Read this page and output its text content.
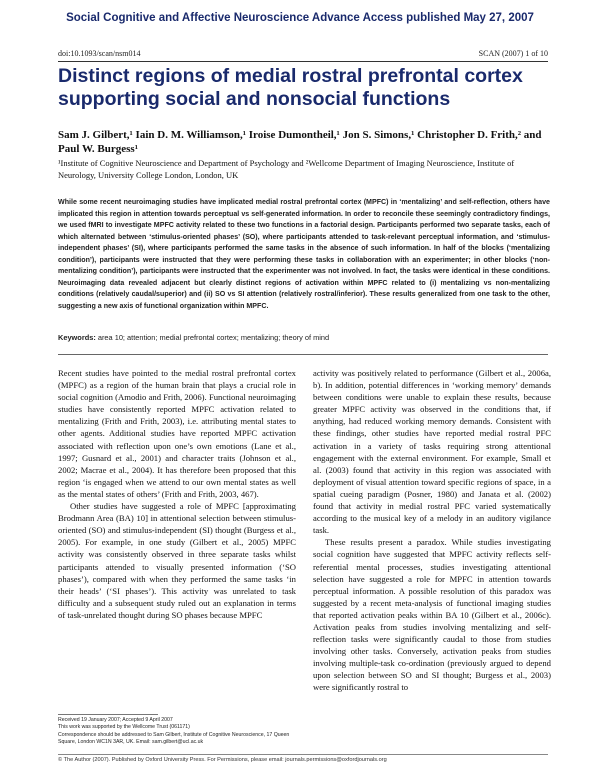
Social Cognitive and Affective Neuroscience Advance Access published May 27, 2007
doi:10.1093/scan/nsm014	SCAN (2007) 1 of 10
Distinct regions of medial rostral prefrontal cortex supporting social and nonsocial functions
Sam J. Gilbert,¹ Iain D. M. Williamson,¹ Iroise Dumontheil,¹ Jon S. Simons,¹ Christopher D. Frith,² and Paul W. Burgess¹
¹Institute of Cognitive Neuroscience and Department of Psychology and ²Wellcome Department of Imaging Neuroscience, Institute of Neurology, University College London, London, UK
While some recent neuroimaging studies have implicated medial rostral prefrontal cortex (MPFC) in ‘mentalizing’ and self-reflection, others have implicated this region in attention towards perceptual vs self-generated information. In order to reconcile these seemingly contradictory findings, we used fMRI to investigate MPFC activity related to these two functions in a factorial design. Participants performed two separate tasks, each of which alternated between ‘stimulus-oriented phases’ (SO), where participants attended to task-relevant perceptual information, and ‘stimulus-independent phases’ (SI), where participants performed the same tasks in the absence of such information. In half of the blocks (‘mentalizing condition’), participants were instructed that they were performing these tasks in collaboration with an experimenter; in other blocks (‘non-mentalizing condition’), participants were instructed that the experimenter was not involved. In fact, the tasks were identical in these conditions. Neuroimaging data revealed adjacent but clearly distinct regions of activation within MPFC related to (i) mentalizing vs non-mentalizing conditions (relatively caudal/superior) and (ii) SO vs SI attention (relatively rostral/inferior). These results generalized from one task to the other, suggesting a new axis of functional organization within MPFC.
Keywords: area 10; attention; medial prefrontal cortex; mentalizing; theory of mind

Recent studies have pointed to the medial rostral prefrontal cortex (MPFC) as a region of the human brain that plays a crucial role in social cognition (Amodio and Frith, 2006). Functional neuroimaging studies have consistently reported MPFC activation related to mentalizing (Frith and Frith, 2003), i.e. attributing mental states to other agents. Additional studies have reported MPFC activation associated with reflection upon one’s own emotions (Lane et al., 1997; Gusnard et al., 2001) and character traits (Johnson et al., 2002; Macrae et al., 2004). It has therefore been proposed that this region ‘is engaged when we attend to our own mental states as well as the mental states of others’ (Frith and Frith, 2003, 467).

Other studies have suggested a role of MPFC [approximating Brodmann Area (BA) 10] in attentional selection between stimulus-oriented (SO) and stimulus-independent (SI) thought (Burgess et al., 2005). For example, in one study (Gilbert et al., 2005) MPFC activity was consistently observed in three separate tasks whilst participants attended to visually presented information (‘SO phases’), compared with when they performed the same tasks ‘in their heads’ (‘SI phases’). This activity was unrelated to task difficulty and a subsequent study ruled out an explanation in terms of task-unrelated thought during SO phases because MPFC

activity was positively related to performance (Gilbert et al., 2006a, b). In addition, potential differences in ‘working memory’ demands between conditions were unable to explain these results, because greater MPFC activity was observed in the conditions that, if anything, had reduced working memory demands. Consistent with these findings, other studies have reported medial rostral PFC activation in a variety of tasks requiring strong attentional engagement with the external environment. For example, Small et al. (2003) found that activity in this region was associated with deployment of visual attention toward specific regions of space, in a spatial cueing paradigm (Posner, 1980) and Janata et al. (2002) found that activity in medial rostral PFC varied systematically according to the musical key of a melody in an auditory vigilance task.

These results present a paradox. While studies investigating social cognition have suggested that MPFC activity reflects self-referential mental processes, studies investigating attentional selection have suggested a role for MPFC in attention towards perceptual information. A possible resolution of this paradox was suggested by a recent meta-analysis of functional imaging studies that reported activation peaks within BA 10 (Gilbert et al., 2006c). Activation peaks from studies involving mentalizing and self-reflection tasks were significantly caudal to those from studies involving other tasks. Conversely, activation peaks from studies involving multiple-task co-ordination (previously argued to depend upon selection between SO and SI thought; Burgess et al., 2003) were significantly rostral to

Received 19 January 2007; Accepted 9 April 2007

This work was supported by the Wellcome Trust (061171)

Correspondence should be addressed to Sam Gilbert, Institute of Cognitive Neuroscience, 17 Queen Square, London WC1N 3AR, UK. Email: sam.gilbert@ucl.ac.uk

© The Author (2007). Published by Oxford University Press. For Permissions, please email: journals.permissions@oxfordjournals.org
